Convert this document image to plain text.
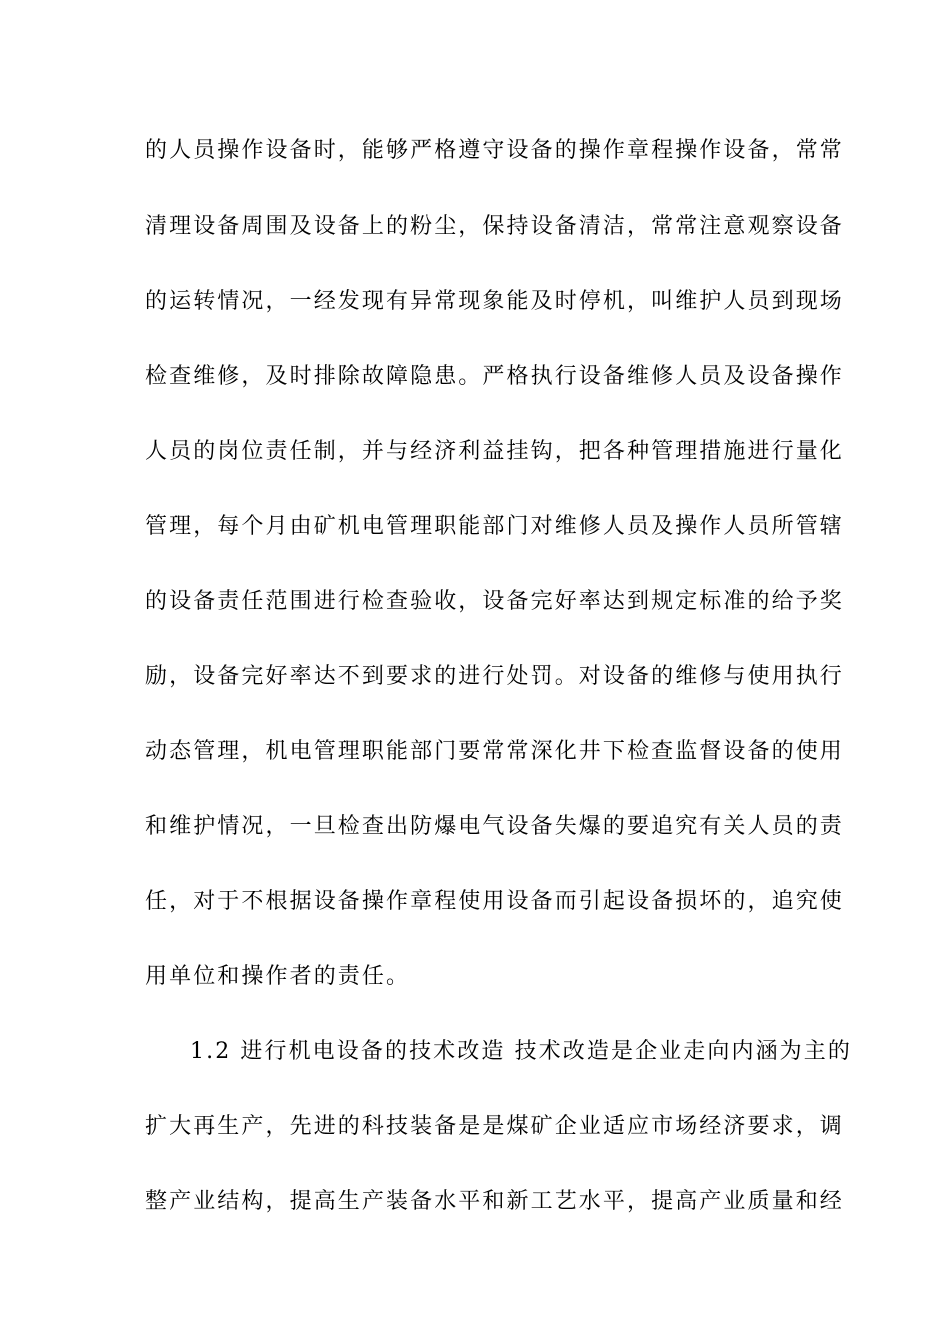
的人员操作设备时，能够严格遵守设备的操作章程操作设备，常常
清理设备周围及设备上的粉尘，保持设备清洁，常常注意观察设备
的运转情况，一经发现有异常现象能及时停机，叫维护人员到现场
检查维修，及时排除故障隐患。严格执行设备维修人员及设备操作
人员的岗位责任制，并与经济利益挂钩，把各种管理措施进行量化
管理，每个月由矿机电管理职能部门对维修人员及操作人员所管辖
的设备责任范围进行检查验收，设备完好率达到规定标准的给予奖
励，设备完好率达不到要求的进行处罚。对设备的维修与使用执行
动态管理，机电管理职能部门要常常深化井下检查监督设备的使用
和维护情况，一旦检查出防爆电气设备失爆的要追究有关人员的责
任，对于不根据设备操作章程使用设备而引起设备损坏的，追究使
用单位和操作者的责任。
1.2 进行机电设备的技术改造 技术改造是企业走向内涵为主的
扩大再生产，先进的科技装备是是煤矿企业适应市场经济要求，调
整产业结构，提高生产装备水平和新工艺水平，提高产业质量和经
